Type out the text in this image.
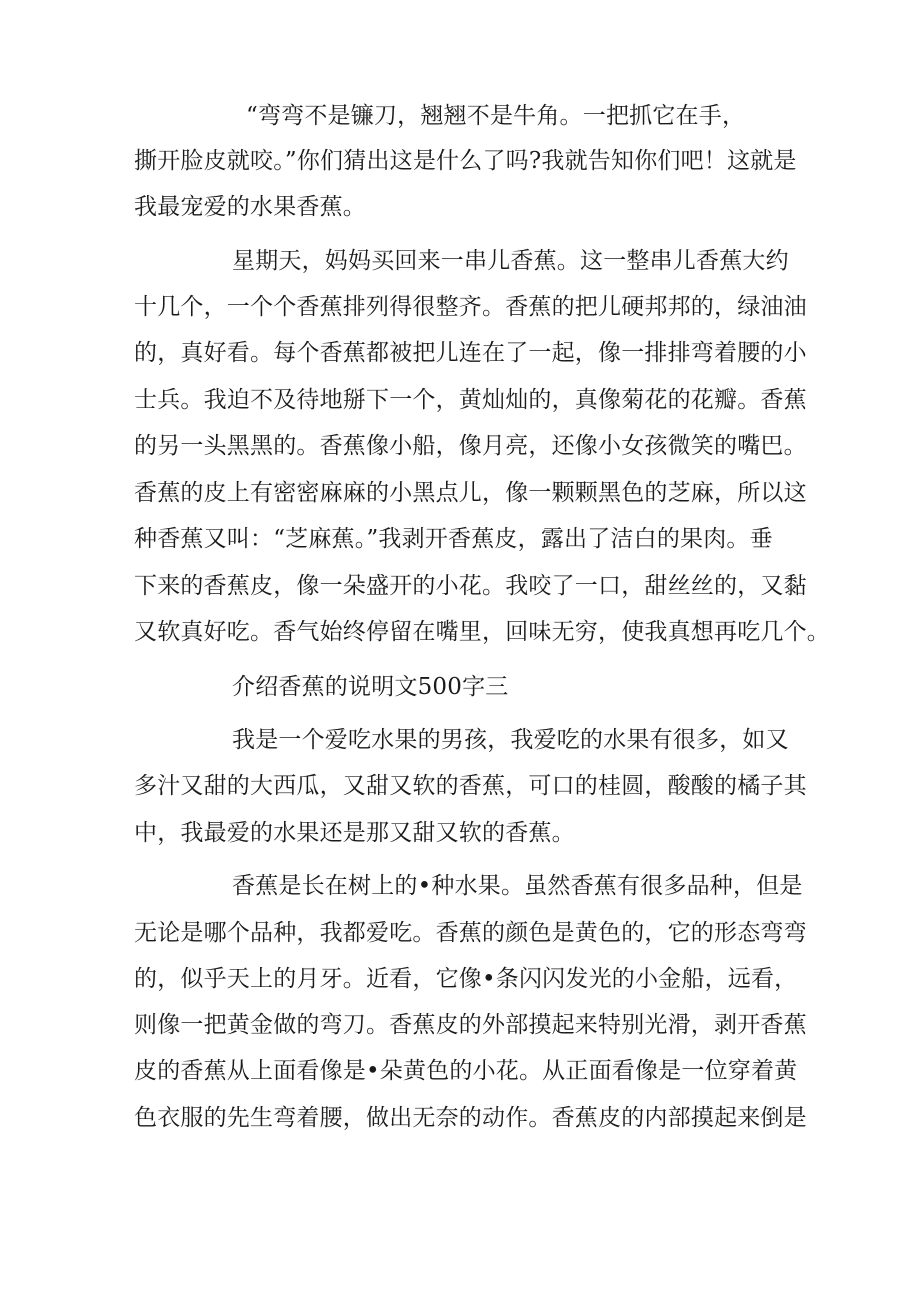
“弯弯不是镰刀，翘翘不是牛角。一把抓它在手，
撕开脸皮就咬。”你们猜出这是什么了吗?我就告知你们吧！这就是
我最宠爱的水果香蕉。
星期天，妈妈买回来一串儿香蕉。这一整串儿香蕉大约
十几个，一个个香蕉排列得很整齐。香蕉的把儿硬邦邦的，绿油油
的，真好看。每个香蕉都被把儿连在了一起，像一排排弯着腰的小
士兵。我迫不及待地掰下一个，黄灿灿的，真像菊花的花瓣。香蕉
的另一头黑黑的。香蕉像小船，像月亮，还像小女孩微笑的嘴巴。
香蕉的皮上有密密麻麻的小黑点儿，像一颗颗黑色的芝麻，所以这
种香蕉又叫：“芝麻蕉。”我剥开香蕉皮，露出了洁白的果肉。垂
下来的香蕉皮，像一朵盛开的小花。我咬了一口，甜丝丝的，又黏
又软真好吃。香气始终停留在嘴里，回味无穷，使我真想再吃几个。
介绍香蕉的说明文500字三
我是一个爱吃水果的男孩，我爱吃的水果有很多，如又
多汁又甜的大西瓜，又甜又软的香蕉，可口的桂圆，酸酸的橘子其
中，我最爱的水果还是那又甜又软的香蕉。
香蕉是长在树上的•种水果。虽然香蕉有很多品种，但是
无论是哪个品种，我都爱吃。香蕉的颜色是黄色的，它的形态弯弯
的，似乎天上的月牙。近看，它像•条闪闪发光的小金船，远看，
则像一把黄金做的弯刀。香蕉皮的外部摸起来特别光滑，剥开香蕉
皮的香蕉从上面看像是•朵黄色的小花。从正面看像是一位穿着黄
色衣服的先生弯着腰，做出无奈的动作。香蕉皮的内部摸起来倒是
